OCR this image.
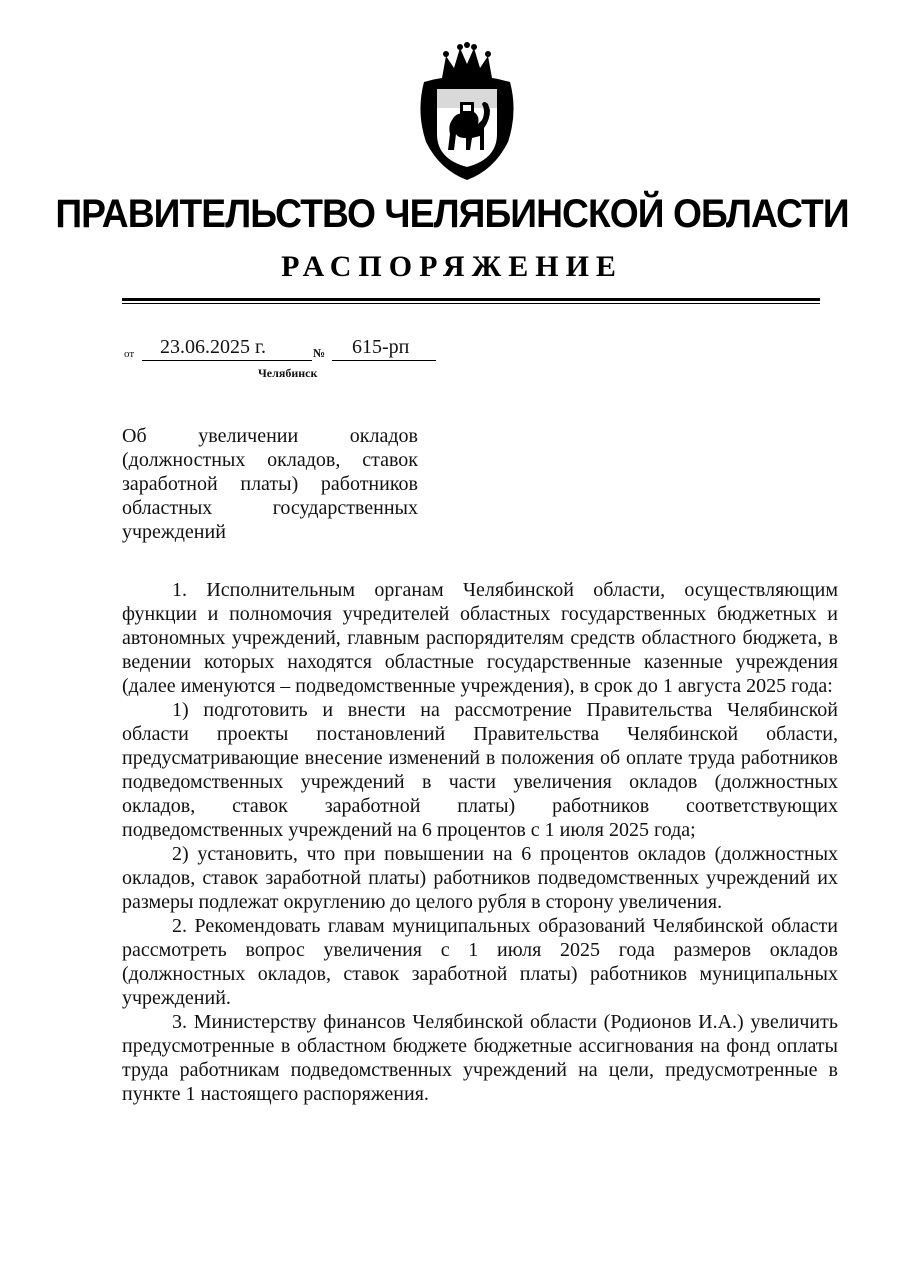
ПРАВИТЕЛЬСТВО ЧЕЛЯБИНСКОЙ ОБЛАСТИ
РАСПОРЯЖЕНИЕ
от 23.06.2025 г.	№ 615-рп
Челябинск
Об увеличении окладов (должностных окладов, ставок заработной платы) работников областных государственных учреждений

1. Исполнительным органам Челябинской области, осуществляющим функции и полномочия учредителей областных государственных бюджетных и автономных учреждений, главным распорядителям средств областного бюджета, в ведении которых находятся областные государственные казенные учреждения (далее именуются – подведомственные учреждения), в срок до 1 августа 2025 года:

1) подготовить и внести на рассмотрение Правительства Челябинской области проекты постановлений Правительства Челябинской области, предусматривающие внесение изменений в положения об оплате труда работников подведомственных учреждений в части увеличения окладов (должностных окладов, ставок заработной платы) работников соответствующих подведомственных учреждений на 6 процентов с 1 июля 2025 года;

2) установить, что при повышении на 6 процентов окладов (должностных окладов, ставок заработной платы) работников подведомственных учреждений их размеры подлежат округлению до целого рубля в сторону увеличения.

2. Рекомендовать главам муниципальных образований Челябинской области рассмотреть вопрос увеличения с 1 июля 2025 года размеров окладов (должностных окладов, ставок заработной платы) работников муниципальных учреждений.

3. Министерству финансов Челябинской области (Родионов И.А.) увеличить предусмотренные в областном бюджете бюджетные ассигнования на фонд оплаты труда работникам подведомственных учреждений на цели, предусмотренные в пункте 1 настоящего распоряжения.
